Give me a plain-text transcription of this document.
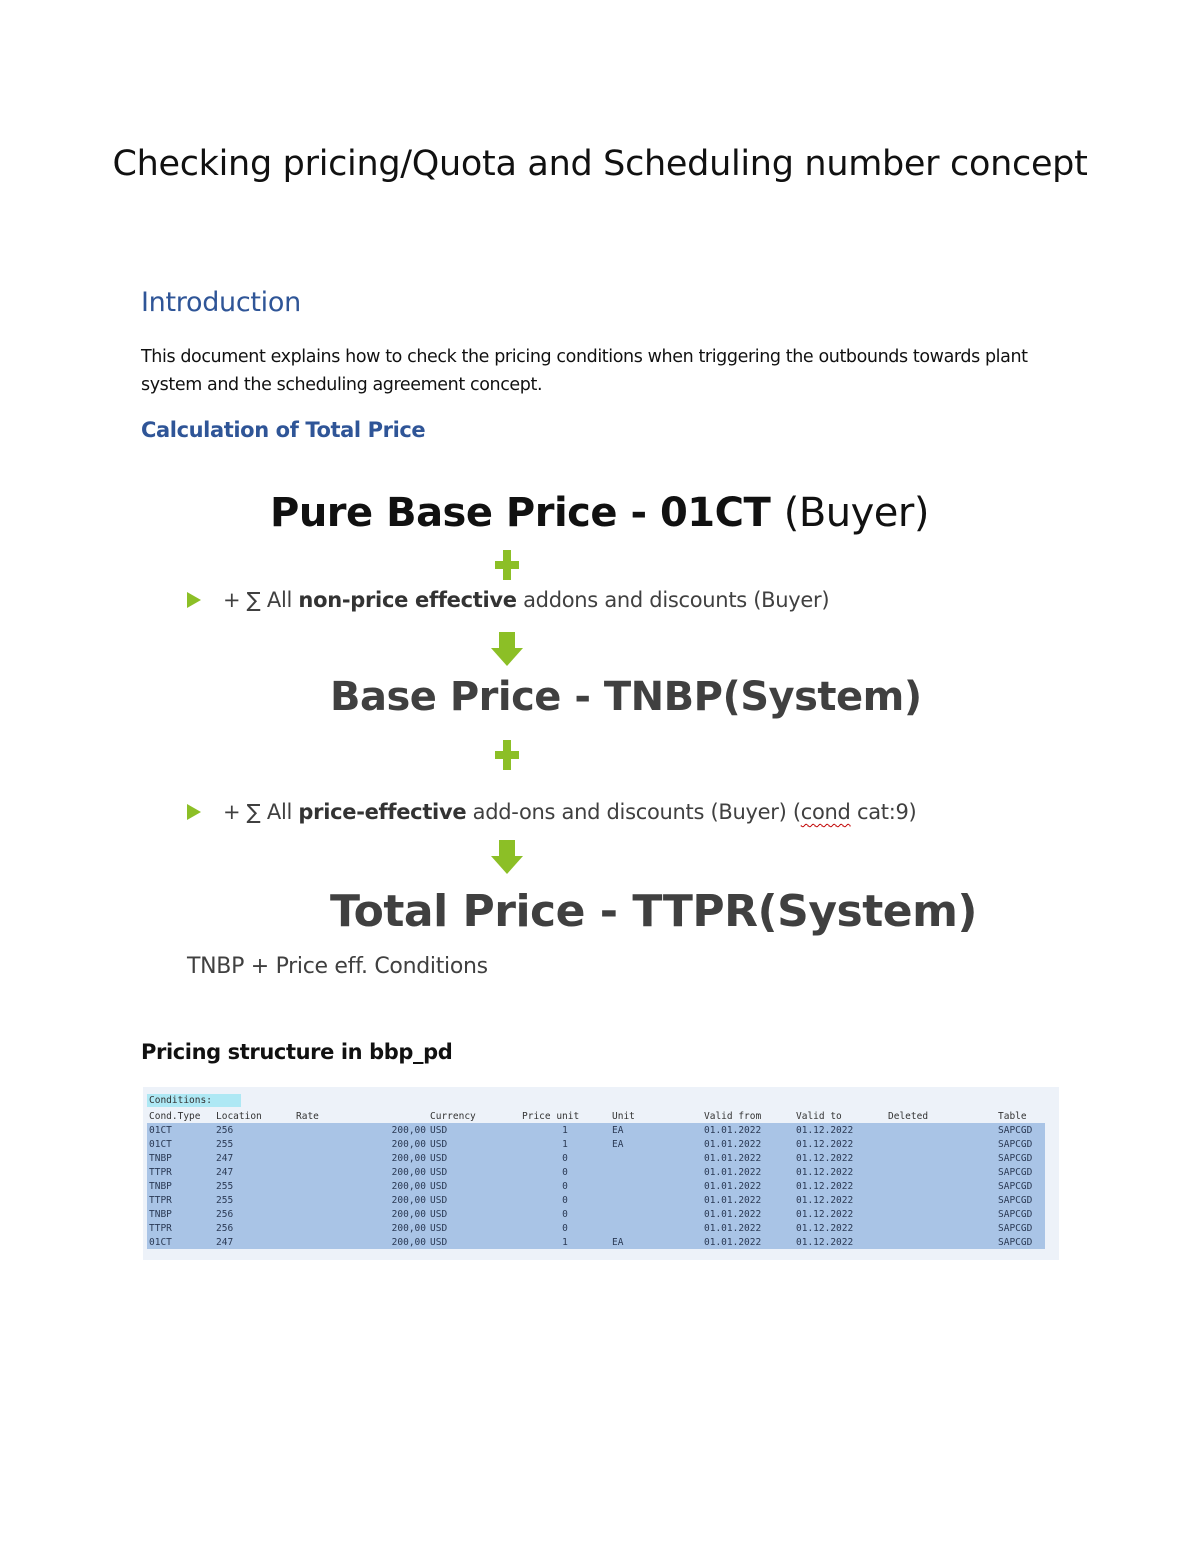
Checking pricing/Quota and Scheduling number concept
Introduction
This document explains how to check the pricing conditions when triggering the outbounds towards plant system and the scheduling agreement concept.
Calculation of Total Price
Pure Base Price - 01CT (Buyer)
+ ∑ All non-price effective addons and discounts (Buyer)
Base Price - TNBP(System)
+ ∑ All price-effective add-ons and discounts (Buyer) (cond cat:9)
Total Price - TTPR(System)
TNBP + Price eff. Conditions
Pricing structure in bbp_pd
Conditions:
Cond.Type	Location	Rate	Currency	Price unit	Unit	Valid from	Valid to	Deleted	Table
01CT	256	200,00	USD	1	EA	01.01.2022	01.12.2022		SAPCGD
01CT	255	200,00	USD	1	EA	01.01.2022	01.12.2022		SAPCGD
TNBP	247	200,00	USD	0		01.01.2022	01.12.2022		SAPCGD
TTPR	247	200,00	USD	0		01.01.2022	01.12.2022		SAPCGD
TNBP	255	200,00	USD	0		01.01.2022	01.12.2022		SAPCGD
TTPR	255	200,00	USD	0		01.01.2022	01.12.2022		SAPCGD
TNBP	256	200,00	USD	0		01.01.2022	01.12.2022		SAPCGD
TTPR	256	200,00	USD	0		01.01.2022	01.12.2022		SAPCGD
01CT	247	200,00	USD	1	EA	01.01.2022	01.12.2022		SAPCGD
